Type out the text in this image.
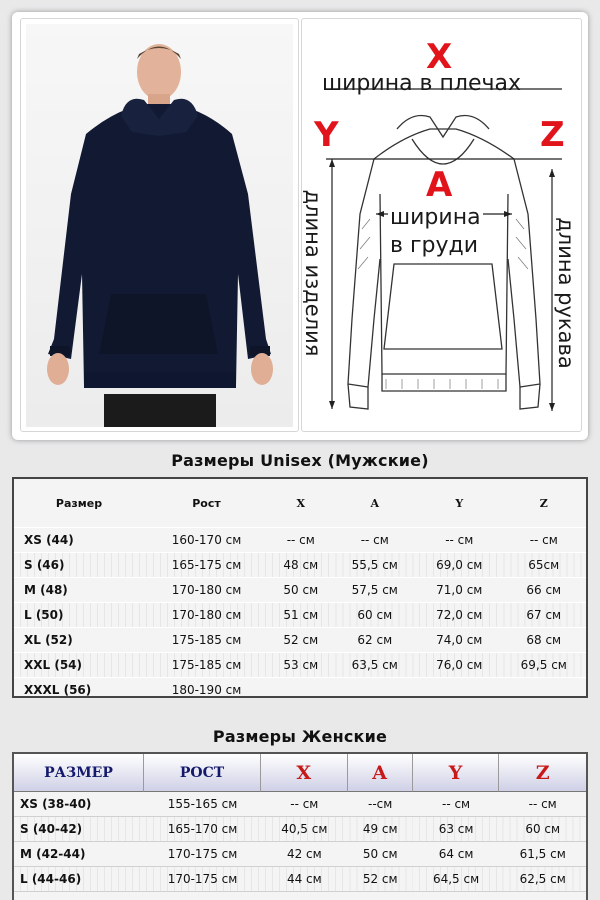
X
ширина в плечах
Y	Z
A
ширина
в груди
длина изделия	длина рукава
Размеры Unisex (Мужские)
Размер	Рост	X	A	Y	Z
XS (44)	160-170 см	-- см	-- см	-- см	-- см
S (46)	165-175 см	48 см	55,5 см	69,0 см	65см
M (48)	170-180 см	50 см	57,5 см	71,0 см	66 см
L (50)	170-180 см	51 см	60 см	72,0 см	67 см
XL (52)	175-185 см	52 см	62 см	74,0 см	68 см
XXL (54)	175-185 см	53 см	63,5 см	76,0 см	69,5 см
XXXL (56)	180-190 см				
Размеры Женские
РАЗМЕР	РОСТ	X	A	Y	Z
XS (38-40)	155-165 см	-- см	--см	-- см	-- см
S (40-42)	165-170 см	40,5 см	49 см	63 см	60 см
M (42-44)	170-175 см	42 см	50 см	64 см	61,5 см
L (44-46)	170-175 см	44 см	52 см	64,5 см	62,5 см
